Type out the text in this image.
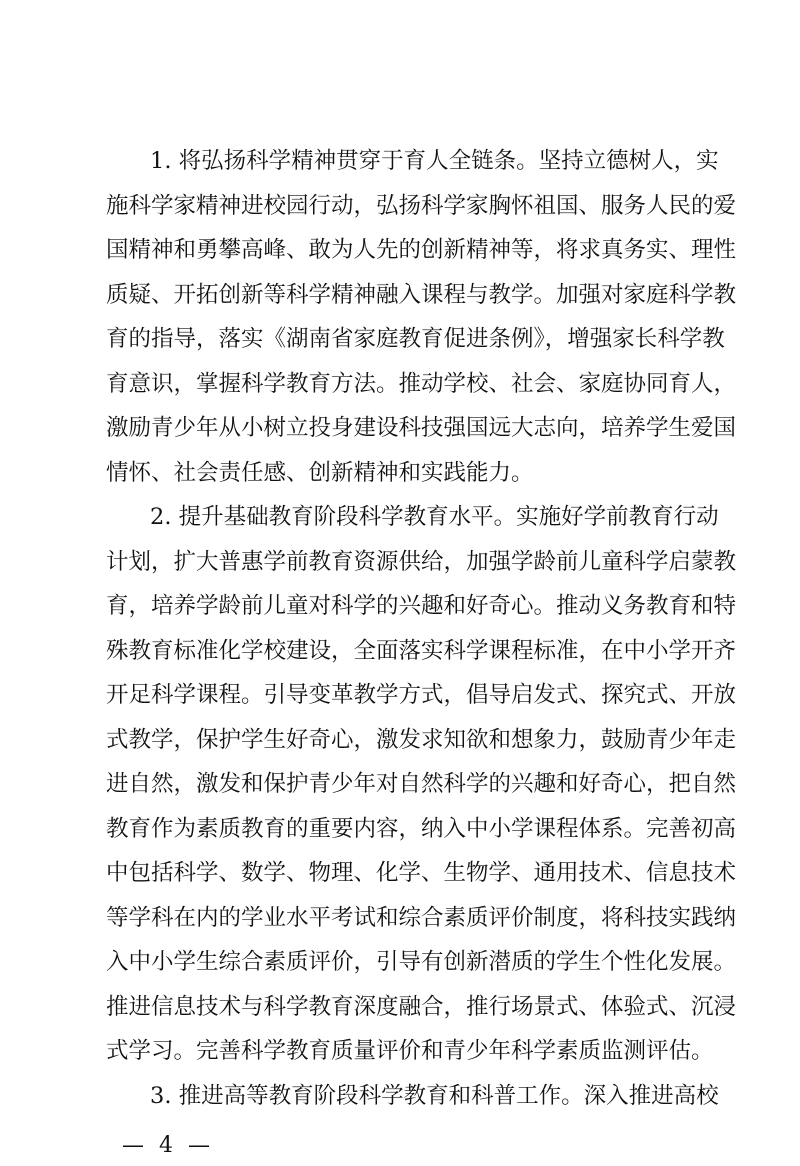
1. 将弘扬科学精神贯穿于育人全链条。坚持立德树人，实
施科学家精神进校园行动，弘扬科学家胸怀祖国、服务人民的爱
国精神和勇攀高峰、敢为人先的创新精神等，将求真务实、理性
质疑、开拓创新等科学精神融入课程与教学。加强对家庭科学教
育的指导，落实《湖南省家庭教育促进条例》，增强家长科学教
育意识，掌握科学教育方法。推动学校、社会、家庭协同育人，
激励青少年从小树立投身建设科技强国远大志向，培养学生爱国
情怀、社会责任感、创新精神和实践能力。
2. 提升基础教育阶段科学教育水平。实施好学前教育行动
计划，扩大普惠学前教育资源供给，加强学龄前儿童科学启蒙教
育，培养学龄前儿童对科学的兴趣和好奇心。推动义务教育和特
殊教育标准化学校建设，全面落实科学课程标准，在中小学开齐
开足科学课程。引导变革教学方式，倡导启发式、探究式、开放
式教学，保护学生好奇心，激发求知欲和想象力，鼓励青少年走
进自然，激发和保护青少年对自然科学的兴趣和好奇心，把自然
教育作为素质教育的重要内容，纳入中小学课程体系。完善初高
中包括科学、数学、物理、化学、生物学、通用技术、信息技术
等学科在内的学业水平考试和综合素质评价制度，将科技实践纳
入中小学生综合素质评价，引导有创新潜质的学生个性化发展。
推进信息技术与科学教育深度融合，推行场景式、体验式、沉浸
式学习。完善科学教育质量评价和青少年科学素质监测评估。
3. 推进高等教育阶段科学教育和科普工作。深入推进高校
— 4 —
